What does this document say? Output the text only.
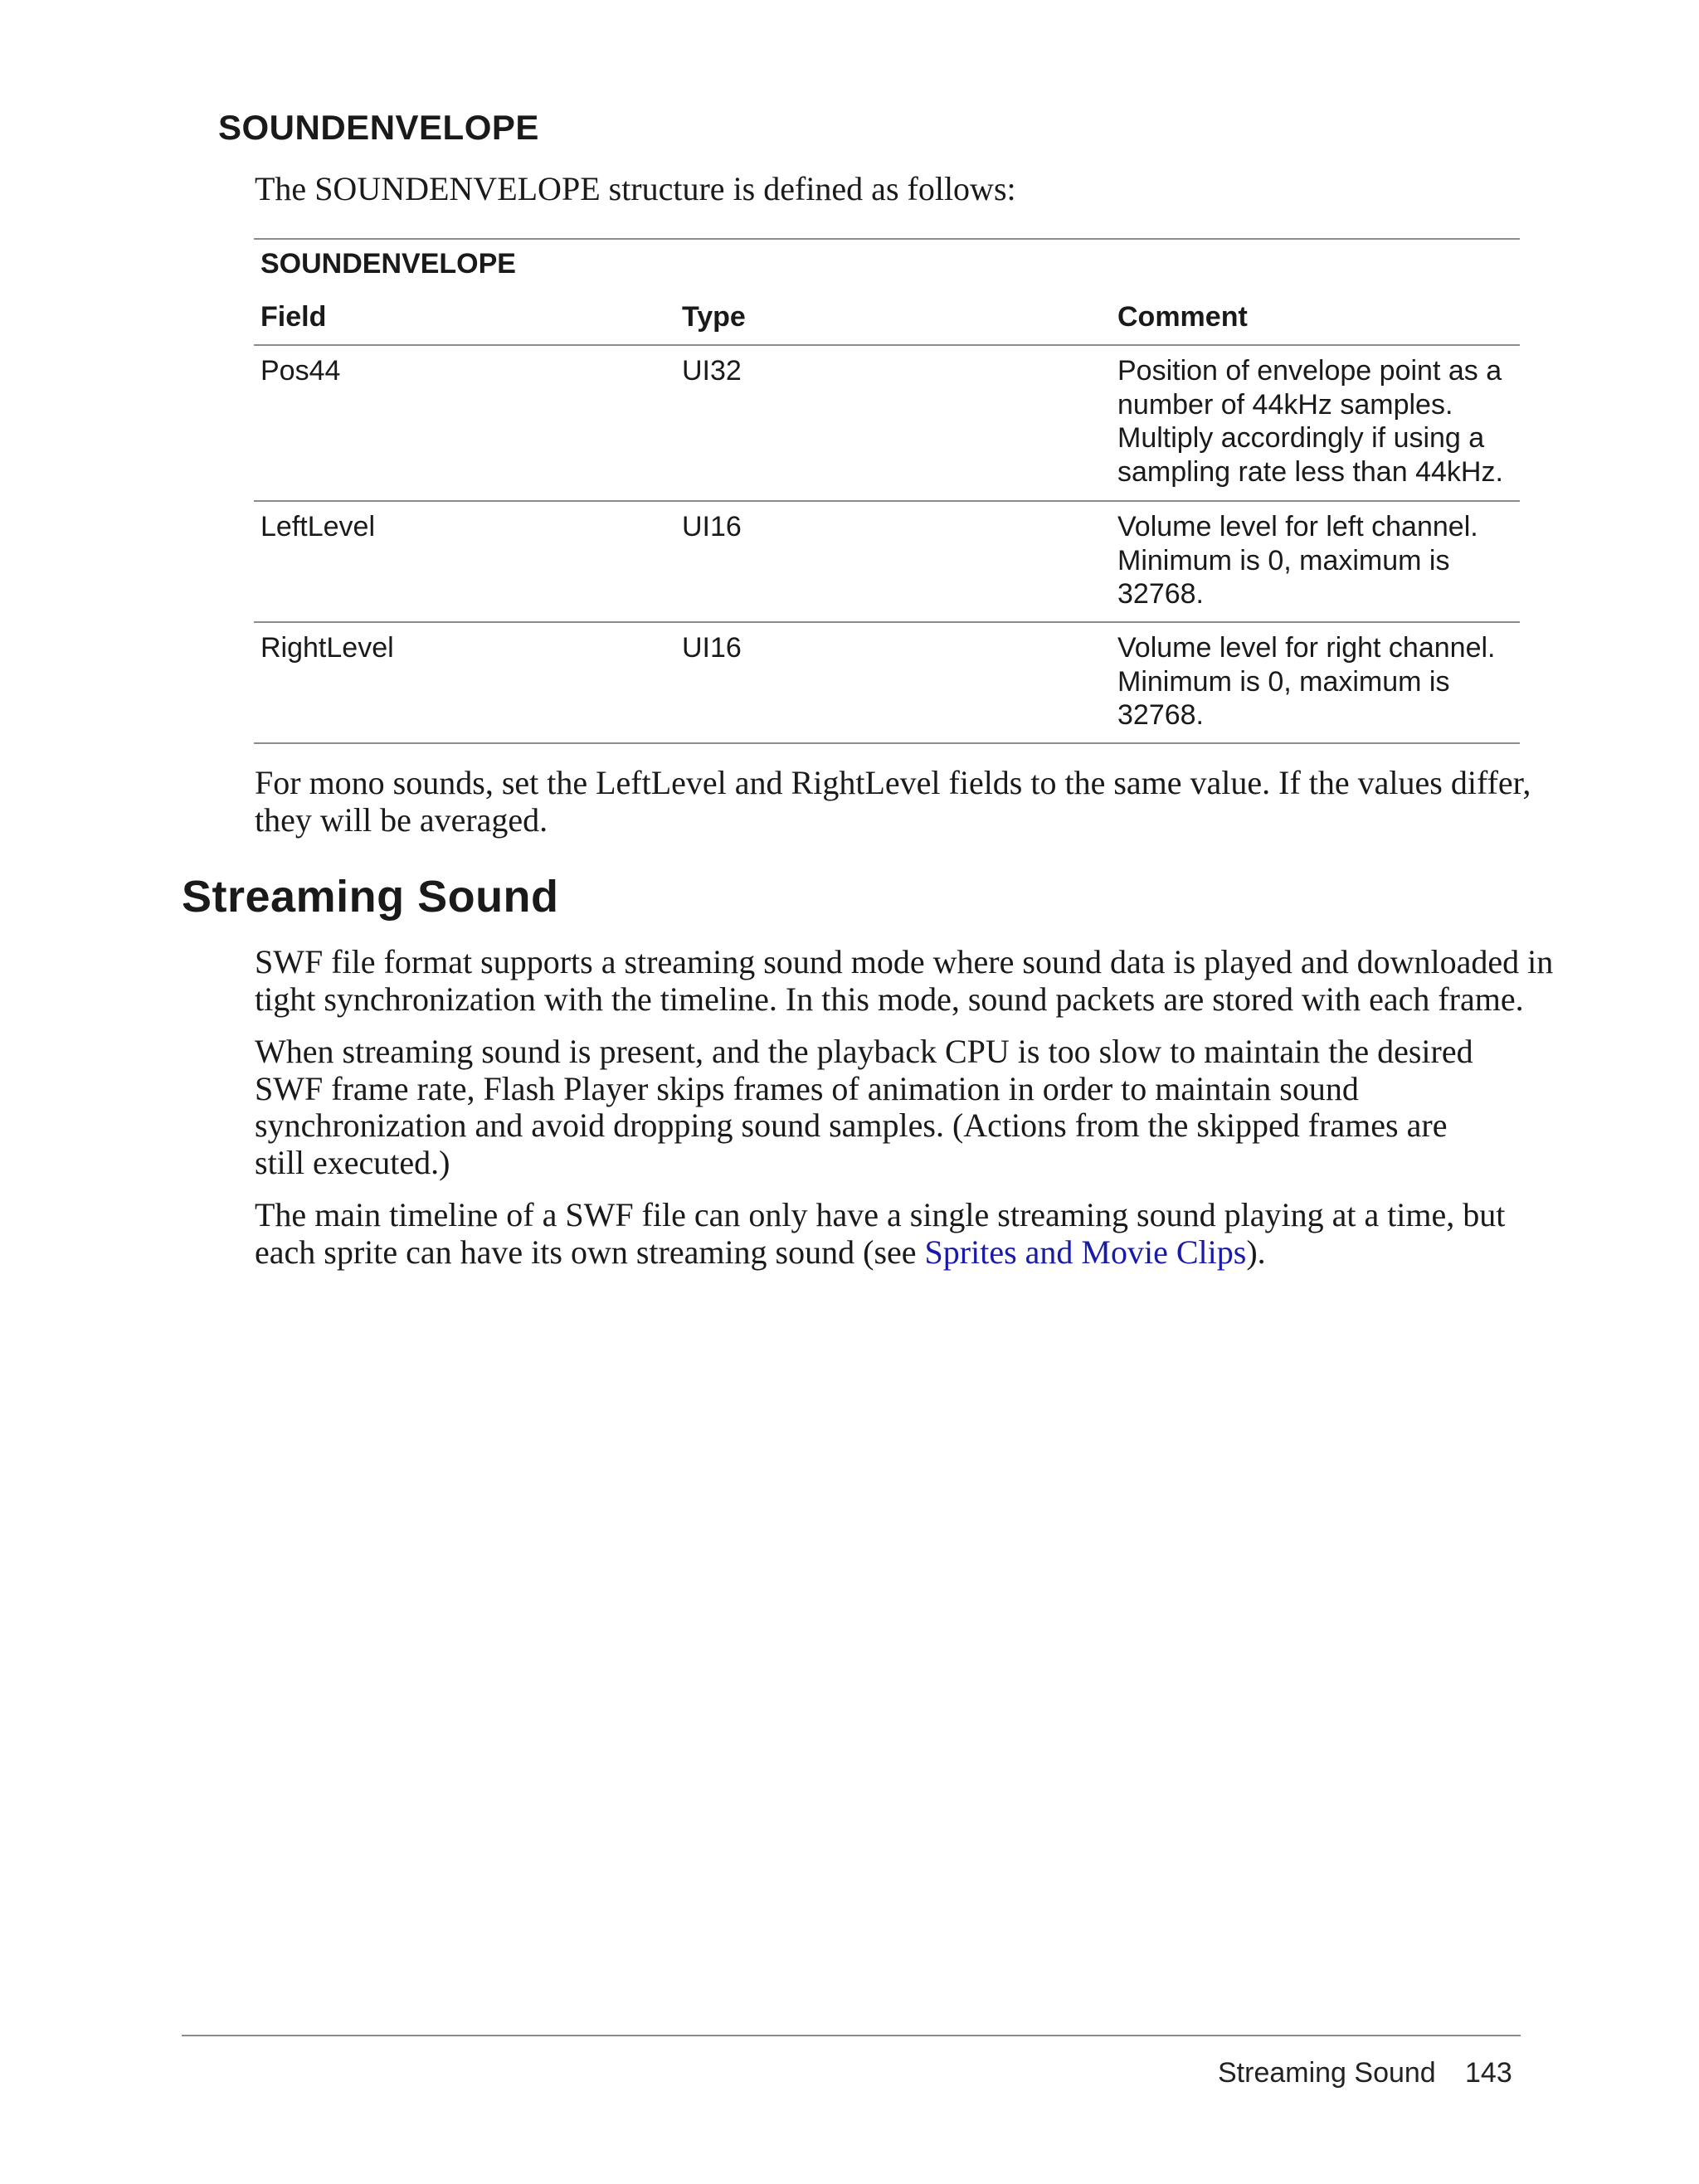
SOUNDENVELOPE
The SOUNDENVELOPE structure is defined as follows:
SOUNDENVELOPE
Field	Type	Comment
Pos44	UI32	Position of envelope point as a
number of 44kHz samples.
Multiply accordingly if using a
sampling rate less than 44kHz.
LeftLevel	UI16	Volume level for left channel.
Minimum is 0, maximum is
32768.
RightLevel	UI16	Volume level for right channel.
Minimum is 0, maximum is
32768.
For mono sounds, set the LeftLevel and RightLevel fields to the same value. If the values differ,
they will be averaged.
Streaming Sound
SWF file format supports a streaming sound mode where sound data is played and downloaded in
tight synchronization with the timeline. In this mode, sound packets are stored with each frame.
When streaming sound is present, and the playback CPU is too slow to maintain the desired
SWF frame rate, Flash Player skips frames of animation in order to maintain sound
synchronization and avoid dropping sound samples. (Actions from the skipped frames are
still executed.)
The main timeline of a SWF file can only have a single streaming sound playing at a time, but
each sprite can have its own streaming sound (see Sprites and Movie Clips).
Streaming Sound 143
